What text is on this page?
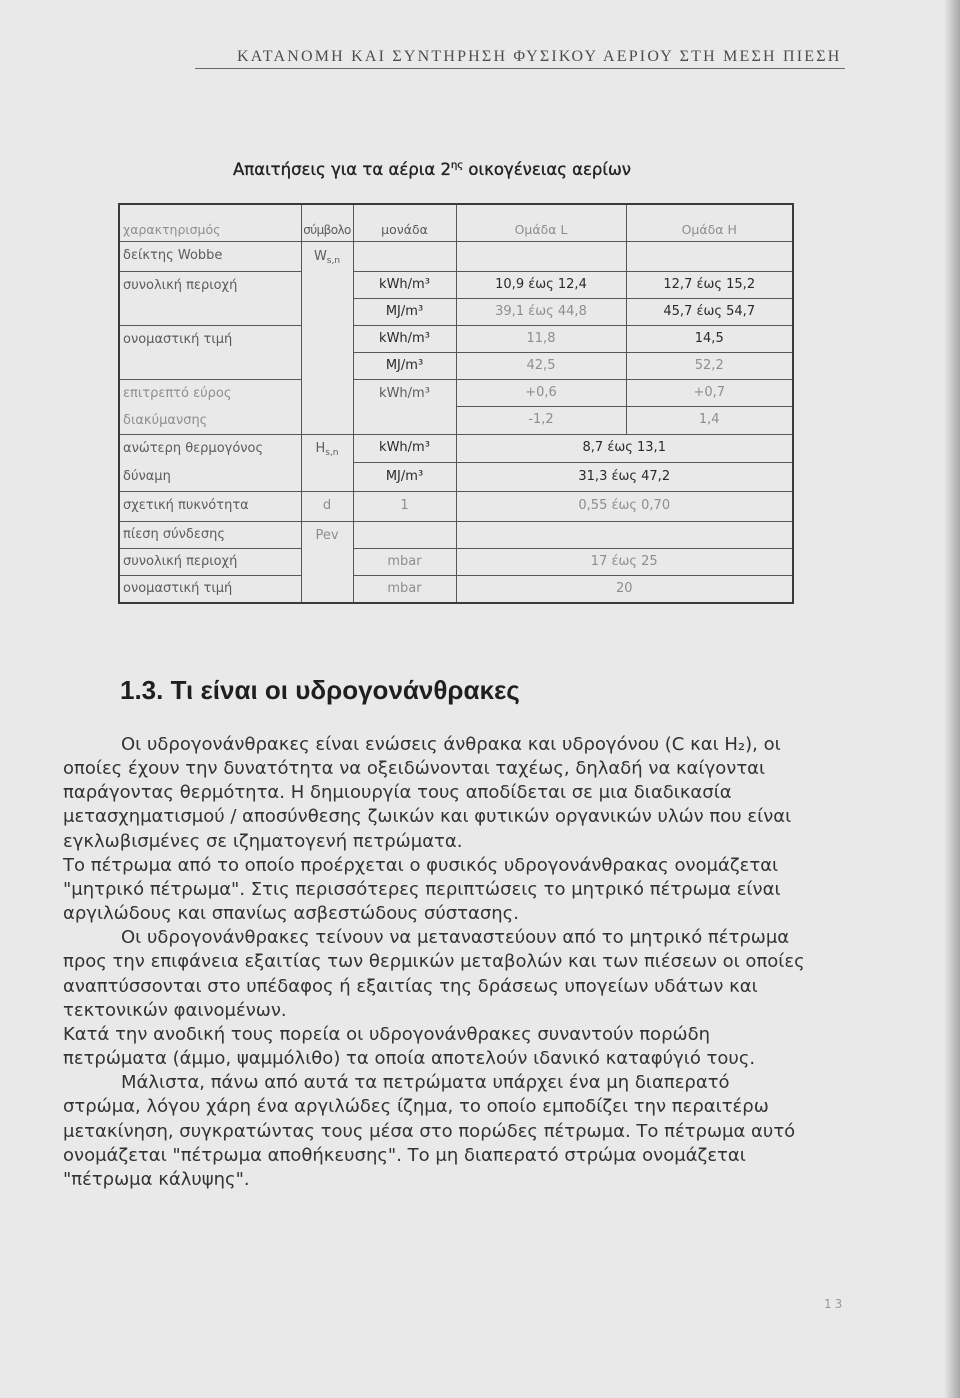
ΚΑΤΑΝΟΜΗ ΚΑΙ ΣΥΝΤΗΡΗΣΗ ΦΥΣΙΚΟΥ ΑΕΡΙΟΥ ΣΤΗ ΜΕΣΗ ΠΙΕΣΗ
Απαιτήσεις για τα αέρια $2^{\eta\varsigma}$ οικογένειας αερίων
χαρακτηρισμός	σύμβολο	μονάδα	Ομάδα L	Ομάδα H
δείκτης Wobbe	$W_{s,n}$

συνολική περιοχή		kWh/m³	10,9 έως 12,4	12,7 έως 15,2
		MJ/m³	39,1 έως 44,8	45,7 έως 54,7

ονομαστική τιμή		kWh/m³	11,8	14,5
		MJ/m³	42,5	52,2

επιτρεπτό εύρος
διακύμανσης		kWh/m³	+0,6	+0,7
			-1,2	1,4

ανώτερη θερμογόνος
δύναμη	$H_{s,n}$	kWh/m³	8,7 έως 13,1	
		MJ/m³	31,3 έως 47,2	
σχετική πυκνότητα	d	1	0,55 έως 0,70	
πίεση σύνδεσης	Pev			

συνολική περιοχή		mbar	17 έως 25	
ονομαστική τιμή		mbar	20	
1.3. Τι είναι οι υδρογονάνθρακες
Οι υδρογονάνθρακες είναι ενώσεις άνθρακα και υδρογόνου (C και H₂), οι
οποίες έχουν την δυνατότητα να οξειδώνονται ταχέως, δηλαδή να καίγονται
παράγοντας θερμότητα. Η δημιουργία τους αποδίδεται σε μια διαδικασία
μετασχηματισμού / αποσύνθεσης ζωικών και φυτικών οργανικών υλών που είναι
εγκλωβισμένες σε ιζηματογενή πετρώματα.
Το πέτρωμα από το οποίο προέρχεται ο φυσικός υδρογονάνθρακας ονομάζεται
"μητρικό πέτρωμα". Στις περισσότερες περιπτώσεις το μητρικό πέτρωμα είναι
αργιλώδους και σπανίως ασβεστώδους σύστασης.
Οι υδρογονάνθρακες τείνουν να μεταναστεύουν από το μητρικό πέτρωμα
προς την επιφάνεια εξαιτίας των θερμικών μεταβολών και των πιέσεων οι οποίες
αναπτύσσονται στο υπέδαφος ή εξαιτίας της δράσεως υπογείων υδάτων και
τεκτονικών φαινομένων.
Κατά την ανοδική τους πορεία οι υδρογονάνθρακες συναντούν πορώδη
πετρώματα (άμμο, ψαμμόλιθο) τα οποία αποτελούν ιδανικό καταφύγιό τους.
Μάλιστα, πάνω από αυτά τα πετρώματα υπάρχει ένα μη διαπερατό
στρώμα, λόγου χάρη ένα αργιλώδες ίζημα, το οποίο εμποδίζει την περαιτέρω
μετακίνηση, συγκρατώντας τους μέσα στο πορώδες πέτρωμα. Το πέτρωμα αυτό
ονομάζεται "πέτρωμα αποθήκευσης". Το μη διαπερατό στρώμα ονομάζεται
"πέτρωμα κάλυψης".
13
